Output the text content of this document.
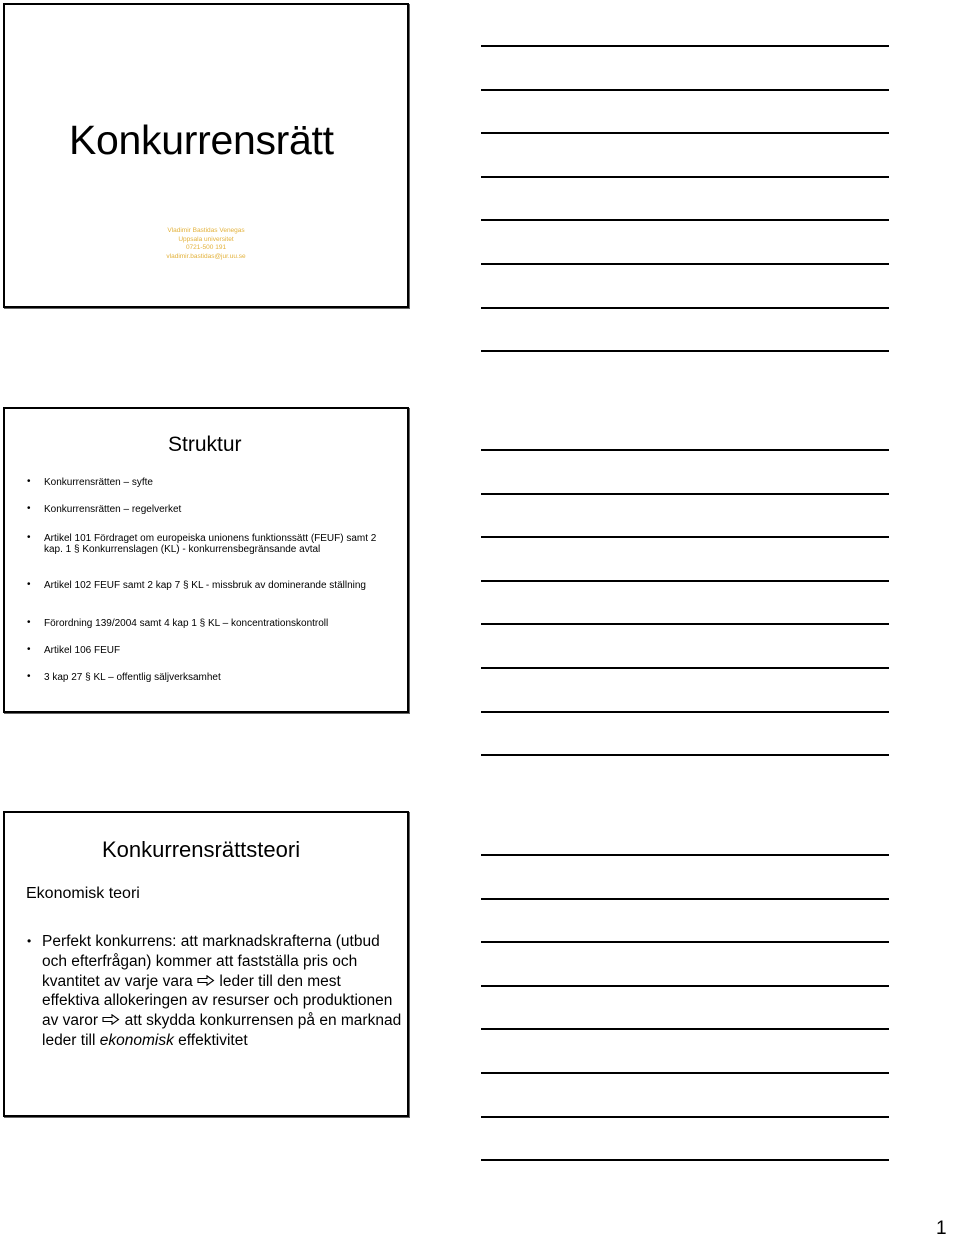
Konkurrensrätt
Vladimir Bastidas Venegas
Uppsala universitet
0721-500 191
vladimir.bastidas@jur.uu.se
Struktur
• Konkurrensrätten – syfte
• Konkurrensrätten – regelverket
• Artikel 101 Fördraget om europeiska unionens funktionssätt (FEUF) samt 2 kap. 1 § Konkurrenslagen (KL) - konkurrensbegränsande avtal
• Artikel 102 FEUF samt 2 kap 7 § KL - missbruk av dominerande ställning
• Förordning 139/2004 samt 4 kap 1 § KL – koncentrationskontroll
• Artikel 106 FEUF
• 3 kap 27 § KL – offentlig säljverksamhet
Konkurrensrättsteori
Ekonomisk teori
• Perfekt konkurrens: att marknadskrafterna (utbud och efterfrågan) kommer att fastställa pris och kvantitet av varje vara leder till den mest effektiva allokeringen av resurser och produktionen av varor att skydda konkurrensen på en marknad leder till ekonomisk effektivitet
1
